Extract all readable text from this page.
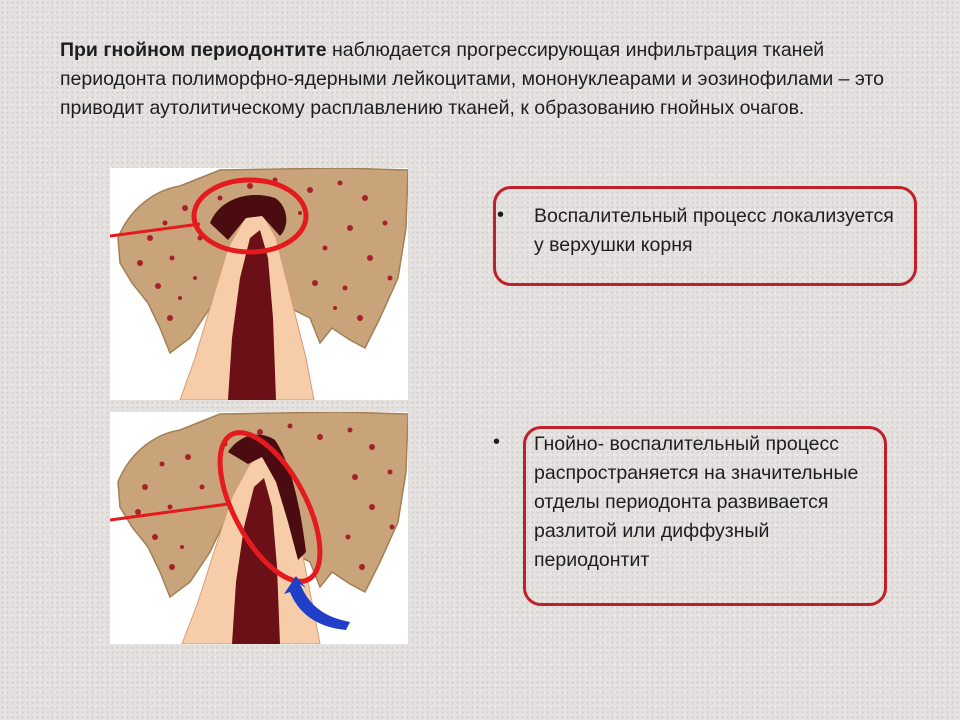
При гнойном периодонтите наблюдается прогрессирующая инфильтрация тканей периодонта полиморфно-ядерными лейкоцитами, мононуклеарами и эозинофилами – это приводит аутолитическому расплавлению тканей, к образованию гнойных очагов.

• Воспалительный процесс локализуется у верхушки корня

• Гнойно- воспалительный процесс распространяется на значительные отделы периодонта развивается разлитой или диффузный периодонтит
